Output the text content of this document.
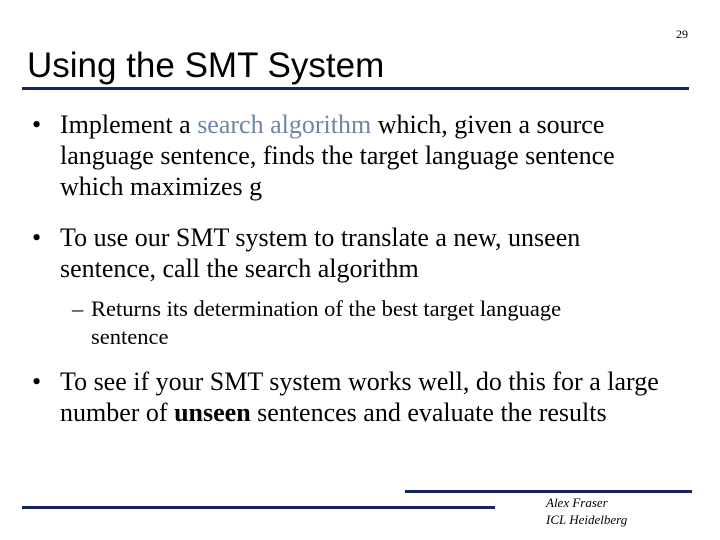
29
Using the SMT System
• Implement a search algorithm which, given a source language sentence, finds the target language sentence which maximizes g
• To use our SMT system to translate a new, unseen sentence, call the search algorithm
– Returns its determination of the best target language sentence
• To see if your SMT system works well, do this for a large number of unseen sentences and evaluate the results
Alex Fraser
ICL Heidelberg
